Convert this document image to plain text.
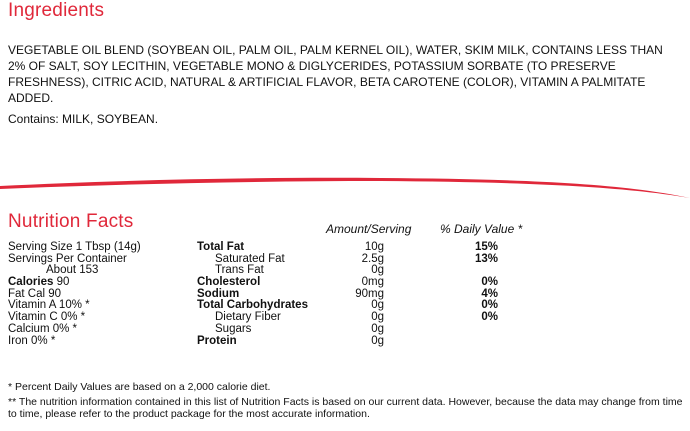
Ingredients
VEGETABLE OIL BLEND (SOYBEAN OIL, PALM OIL, PALM KERNEL OIL), WATER, SKIM MILK, CONTAINS LESS THAN 2% OF SALT, SOY LECITHIN, VEGETABLE MONO & DIGLYCERIDES, POTASSIUM SORBATE (TO PRESERVE FRESHNESS), CITRIC ACID, NATURAL & ARTIFICIAL FLAVOR, BETA CAROTENE (COLOR), VITAMIN A PALMITATE ADDED.
Contains: MILK, SOYBEAN.
Nutrition Facts	Amount/Serving % Daily Value *
Serving Size 1 Tbsp (14g)
Servings Per Container
About 153
Calories 90
Fat Cal 90
Vitamin A 10% *
Vitamin C 0% *
Calcium 0% *
Iron 0% *
Total Fat
Saturated Fat
Trans Fat
Cholesterol
Sodium
Total Carbohydrates
Dietary Fiber
Sugars
Protein
10g
2.5g
0g
0mg
90mg
0g
0g
0g
0g
15%
13%
0%
4%
0%
0%
* Percent Daily Values are based on a 2,000 calorie diet.
** The nutrition information contained in this list of Nutrition Facts is based on our current data. However, because the data may change from time to time, please refer to the product package for the most accurate information.
